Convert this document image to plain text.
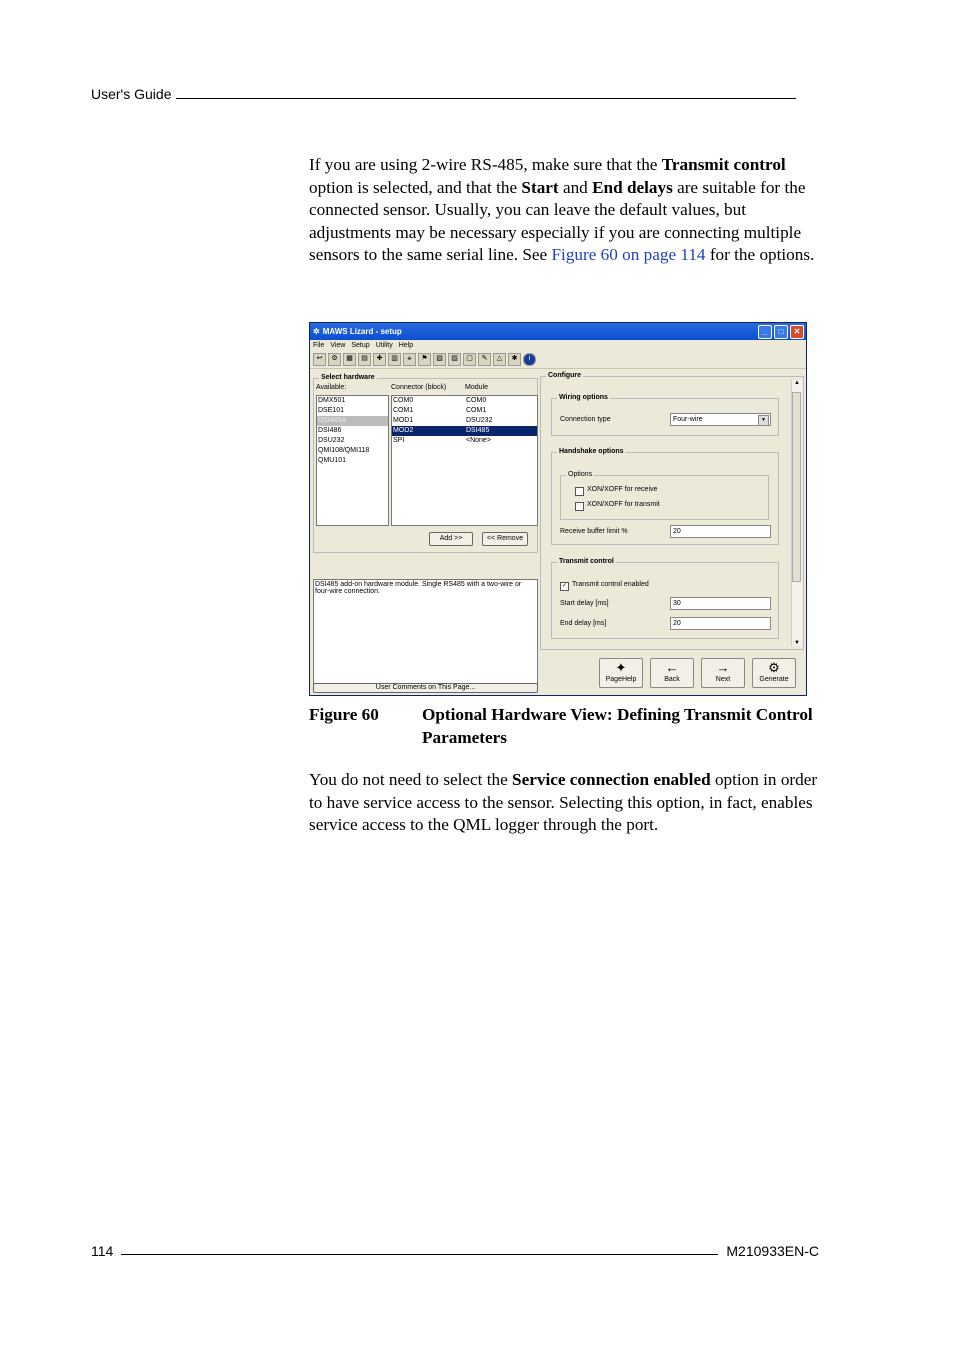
User's Guide
If you are using 2-wire RS-485, make sure that the Transmit control option is selected, and that the Start and End delays are suitable for the connected sensor. Usually, you can leave the default values, but adjustments may be necessary especially if you are connecting multiple sensors to the same serial line. See Figure 60 on page 114 for the options.
✲ MAWS Lizard - setup	_	□	✕
File View Setup Utility Help
↩	⚙	▦	▤	✚	▥	⚹	⚑	▧	▨	▢	✎	△	✱	i
Select hardware
Available:	Connector (block)	Module
DMX501
DSE101
DSI485A
DSI486
DSU232
QMI108/QMI118
QMU101
COM0	COM0
COM1	COM1
MOD1	DSU232
MOD2	DSI485
SPI	<None>
Add >>	<< Remove
DSI485 add-on hardware module. Single RS485 with a two-wire or four-wire connection.
User Comments on This Page...
Configure
▲
▼
Wiring options
Connection type	Four-wire	▼
Handshake options
Options
XON/XOFF for receive
XON/XOFF for transmit
Receive buffer limit %	20
Transmit control
✓ Transmit control enabled
Start delay [ms]	30
End delay [ms]	20
✦
PageHelp
←
Back
→
Next
⚙
Generate
Figure 60	Optional Hardware View: Defining Transmit Control Parameters
You do not need to select the Service connection enabled option in order to have service access to the sensor. Selecting this option, in fact, enables service access to the QML logger through the port.
114	M210933EN-C
